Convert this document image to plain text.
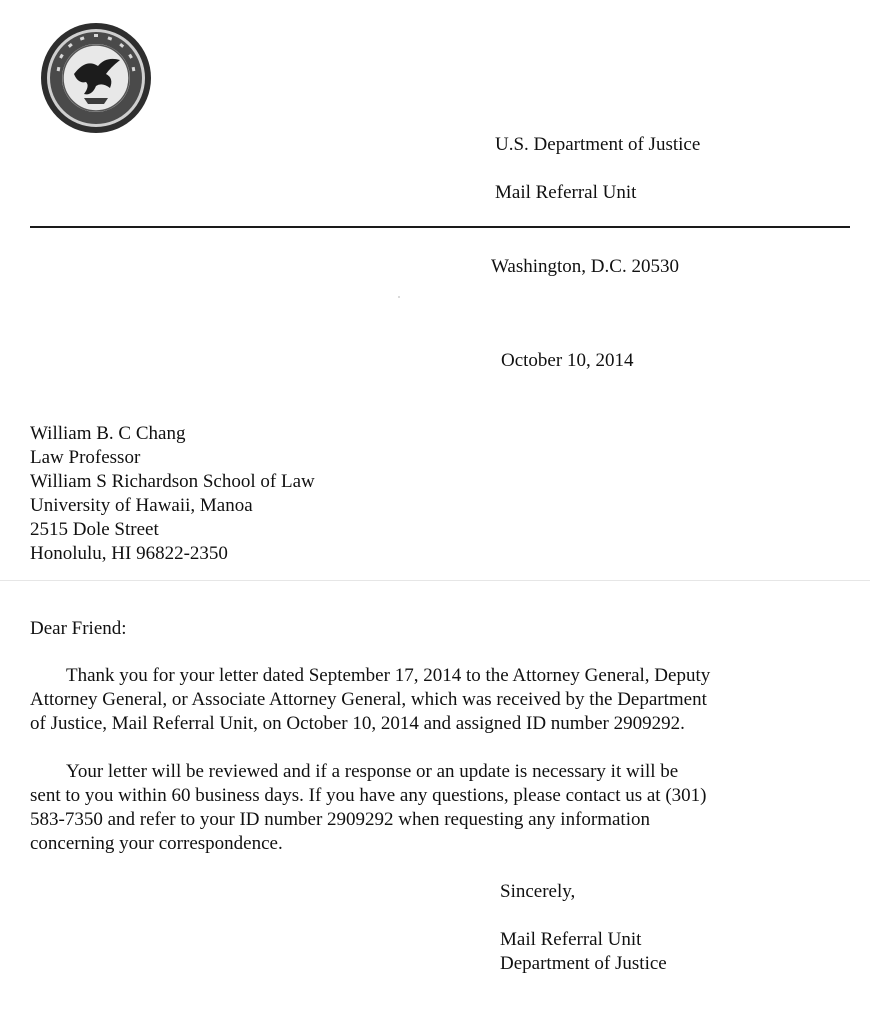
U.S. Department of Justice
Mail Referral Unit
Washington, D.C. 20530
October 10, 2014
William B. C Chang
Law Professor
William S Richardson School of Law
University of Hawaii, Manoa
2515 Dole Street
Honolulu, HI 96822-2350
Dear Friend:
Thank you for your letter dated September 17, 2014 to the Attorney General, Deputy
Attorney General, or Associate Attorney General, which was received by the Department
of Justice, Mail Referral Unit, on October 10, 2014 and assigned ID number 2909292.
Your letter will be reviewed and if a response or an update is necessary it will be
sent to you within 60 business days. If you have any questions, please contact us at (301)
583-7350 and refer to your ID number 2909292 when requesting any information
concerning your correspondence.
Sincerely,
Mail Referral Unit
Department of Justice
